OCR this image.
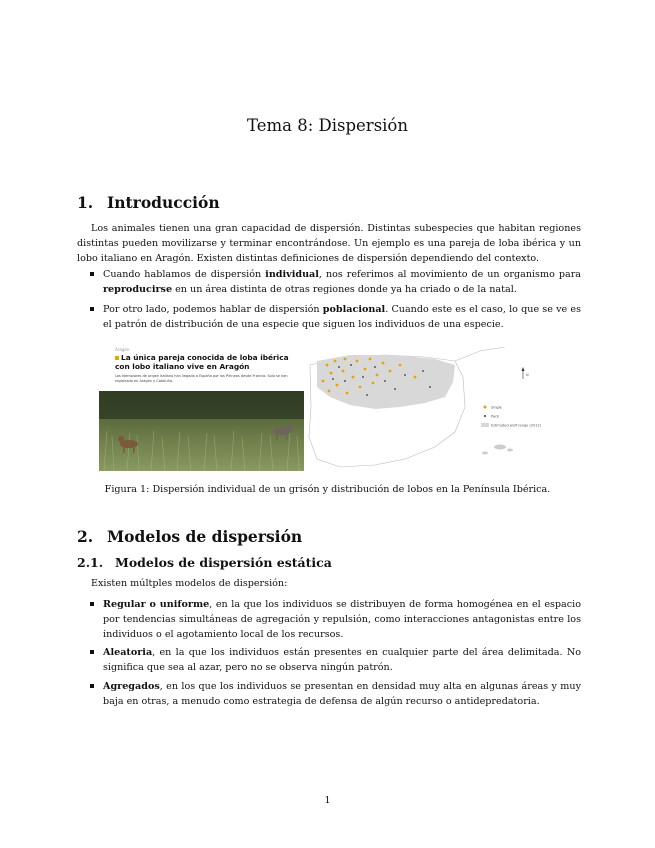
Tema 8: Dispersión
1. Introducción

Los animales tienen una gran capacidad de dispersión. Distintas subespecies que habitan regiones distintas pueden movilizarse y terminar encontrándose. Un ejemplo es una pareja de loba ibérica y un lobo italiano en Aragón. Existen distintas definiciones de dispersión dependiendo del contexto.

Cuando hablamos de dispersión individual, nos referimos al movimiento de un organismo para reproducirse en un área distinta de otras regiones donde ya ha criado o de la natal.

Por otro lado, podemos hablar de dispersión poblacional. Cuando este es el caso, lo que se ve es el patrón de distribución de una especie que siguen los individuos de una especie.

Aragón
La única pareja conocida de loba ibérica con lobo italiano vive en Aragón
Los ejemplares de origen italiano han llegado a España por los Pirineos desde Francia. Solo se han registrado en Aragón y Cataluña.
N
Single
Pack
Estimated wolf range (2012)
Figura 1: Dispersión individual de un grisón y distribución de lobos en la Península Ibérica.
2. Modelos de dispersión
2.1. Modelos de dispersión estática

Existen múltples modelos de dispersión:

Regular o uniforme, en la que los individuos se distribuyen de forma homogénea en el espacio por tendencias simultáneas de agregación y repulsión, como interacciones antagonistas entre los individuos o el agotamiento local de los recursos.

Aleatoria, en la que los individuos están presentes en cualquier parte del área delimitada. No significa que sea al azar, pero no se observa ningún patrón.

Agregados, en los que los individuos se presentan en densidad muy alta en algunas áreas y muy baja en otras, a menudo como estrategia de defensa de algún recurso o antidepredatoria.

1
